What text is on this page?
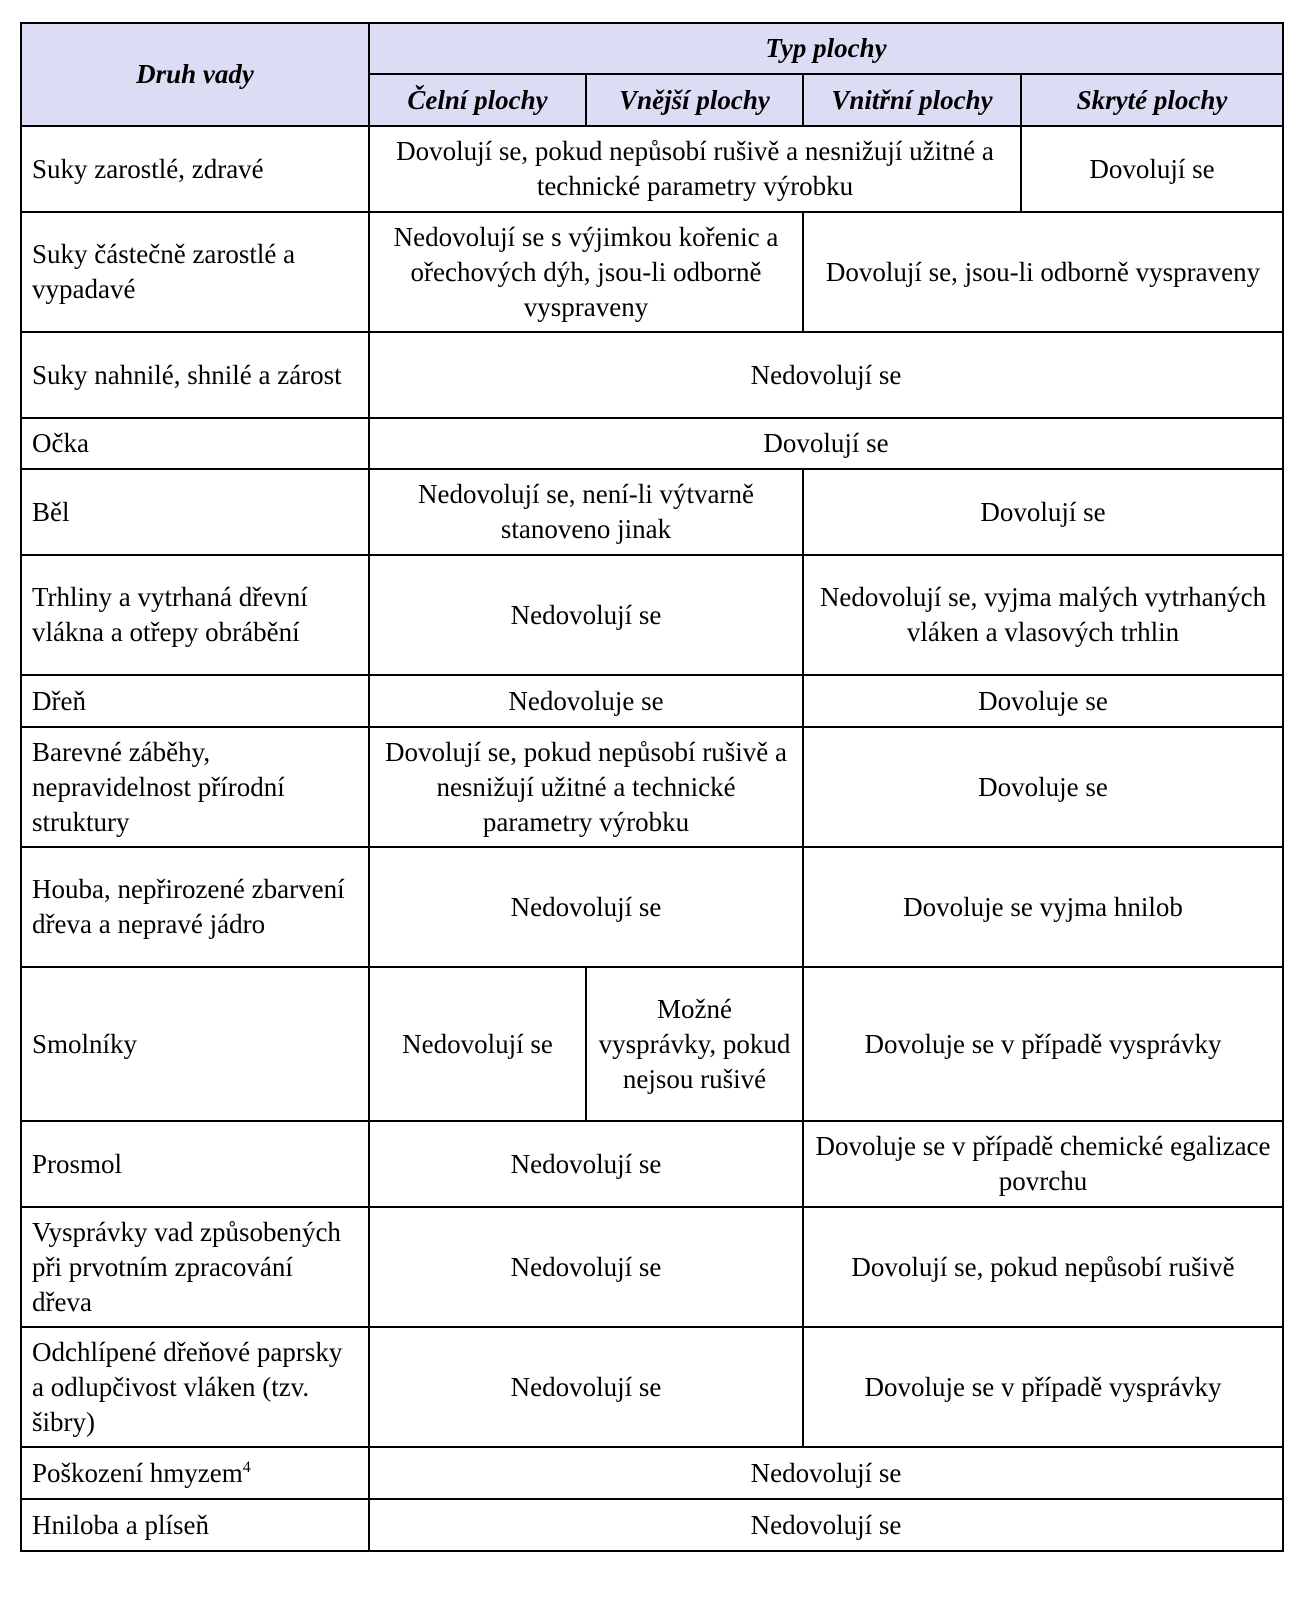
Druh vady	Typ plochy			
	Čelní plochy	Vnější plochy	Vnitřní plochy	Skryté plochy
Suky zarostlé, zdravé	Dovolují se, pokud nepůsobí rušivě a nesnižují užitné a technické parametry výrobku			Dovolují se
Suky částečně zarostlé a vypadavé	Nedovolují se s výjimkou kořenic a ořechových dýh, jsou-li odborně vyspraveny		Dovolují se, jsou-li odborně vyspraveny	
Suky nahnilé, shnilé a zárost	Nedovolují se			
Očka	Dovolují se			
Běl	Nedovolují se, není-li výtvarně stanoveno jinak		Dovolují se	
Trhliny a vytrhaná dřevní vlákna a otřepy obrábění	Nedovolují se		Nedovolují se, vyjma malých vytrhaných vláken a vlasových trhlin	
Dřeň	Nedovoluje se		Dovoluje se	
Barevné záběhy, nepravidelnost přírodní struktury	Dovolují se, pokud nepůsobí rušivě a nesnižují užitné a technické parametry výrobku		Dovoluje se	
Houba, nepřirozené zbarvení dřeva a nepravé jádro	Nedovolují se		Dovoluje se vyjma hnilob	
Smolníky	Nedovolují se	Možné vysprávky, pokud nejsou rušivé	Dovoluje se v případě vysprávky	
Prosmol	Nedovolují se		Dovoluje se v případě chemické egalizace povrchu	
Vysprávky vad způsobených při prvotním zpracování dřeva	Nedovolují se		Dovolují se, pokud nepůsobí rušivě	
Odchlípené dřeňové paprsky a odlupčivost vláken (tzv. šibry)	Nedovolují se		Dovoluje se v případě vysprávky	
Poškození hmyzem$^4$	Nedovolují se			
Hniloba a plíseň	Nedovolují se			
